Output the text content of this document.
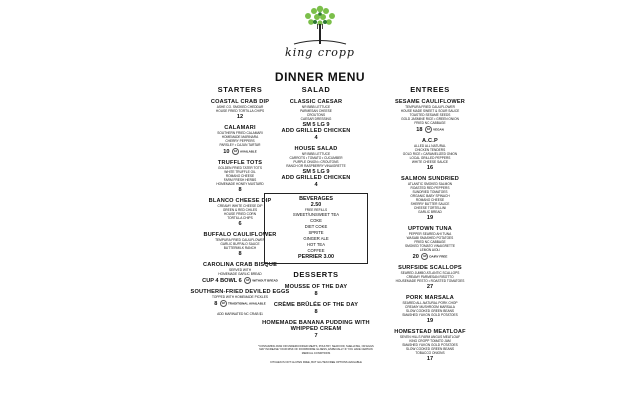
king cropp
DINNER MENU
STARTERS
COASTAL CRAB DIP
ASHE CO. SMOKED CHEDDAR
HOUSE FRIED TORTILLA CHIPS
12
CALAMARI
SOUTHERN FRIED CALAMARI
HOMEMADE MARINARA
CHERRY PEPPERS
PARSLEY • CAJUN TARTAR
10 GF AVAILABLE
TRUFFLE TOTS
GOLDEN FRIED TATER TOTS
WHITE TRUFFLE OIL
ROMANO CHEESE
FARM FRESH HERBS
HOMEMADE HONEY MUSTARD
8
BLANCO CHEESE DIP
CREAMY WHITE CHEESE DIP
GREEN & RED CHILES
HOUSE FRIED CORN
TORTILLA CHIPS
6
BUFFALO CAULIFLOWER
TEMPURA FRIED CAULIFLOWER
GARLIC BUFFALO SAUCE
BUTTERMILK RANCH
8
CAROLINA CRAB BISQUE
SERVED WITH
HOMEMADE GARLIC BREAD
CUP 4 BOWL 6 GF WITHOUT BREAD
SOUTHERN-FRIED DEVILED EGGS
TOPPED WITH HOMEMADE PICKLES
8 GF TRADITIONAL AVAILABLE
ADD MARINATED NC CRAB $1
SALAD
CLASSIC CAESAR
NR BIBB LETTUCE
PARMESAN CHEESE
CROUTONS
CAESAR DRESSING
SM 5 LG 9
ADD GRILLED CHICKEN
4
HOUSE SALAD
NR BIBB LETTUCE
CARROTS • TOMATO • CUCUMBER
PURPLE ONION • CROUTONS
RANCH OR RASPBERRY VINAIGRETTE
SM 5 LG 9
ADD GRILLED CHICKEN
4
BEVERAGES
2.50
FREE REFILLS
SWEET/UNSWEET TEA
COKE
DIET COKE
SPRITE
GINGER ALE
HOT TEA
COFFEE
PERRIER 3.00
DESSERTS
MOUSSE OF THE DAY
8
CRÈME BRÛLÉE OF THE DAY
8
HOMEMADE BANANA PUDDING WITH WHIPPED CREAM
7
*CONSUMING RAW OR UNDERCOOKED MEATS, POULTRY, SEAFOOD, SHELLFISH, OR EGGS MAY INCREASE YOUR RISK OF FOODBORNE ILLNESS, ESPECIALLY IF YOU HAVE CERTAIN MEDICAL CONDITIONS
KITCHEN IS NOT GLUTEN FREE, BUT GLUTEN FREE OPTIONS AVAILABLE
ENTREES
SESAME CAULIFLOWER
TEMPURA FRIED CAULIFLOWER
HOUSE MADE SWEET & SOUR SAUCE
TOASTED SESAME SEEDS
GOLD JASMINE RICE • GREEN ONION
FRIED NC CABBAGE
18 GF VEGAN
A.C.P
ALLED ALL NATURAL
CHICKEN TENDERS
GOLD RICE • CARAMELIZED ONION
LOCAL GRILLED PEPPERS
WHITE CHEESE SAUCE
16
SALMON SUNDRIED
ATLANTIC SMOKED SALMON
ROASTED RED PEPPERS
SUNDRIED TOMATOES
ORGANIC BABY SPINACH
ROMANO CHEESE
SHERRY BUTTER SAUCE
CHEESE TORTELLINI
GARLIC BREAD
19
UPTOWN TUNA
PEPPER SEARED AHI TUNA
WASABI SMASHED POTATOES
FRIED NC CABBAGE
SMOKED TOMATO VINAIGRETTE
LEMON AIOLI
20 GF DAIRY FREE
SURFSIDE SCALLOPS
SEARED JUMBO ATLANTIC SCALLOPS
CREAMY PARMESAN RISOTTO
HOUSEMADE PESTO • ROASTED TOMATOES
27
PORK MARSALA
SEARED ALL-NATURAL PORK CHOP
CREAMY MUSHROOM MARSALA
SLOW COOKED GREEN BEANS
SMASHED YUKON GOLD POTATOES
19
HOMESTEAD MEATLOAF
SEVEN HILLS FARM ANGUS MEATLOAF
KING CROPP TOMATO JAM
SMASHED YUKON GOLD POTATOES
SLOW COOKED GREEN BEANS
TOBACCO ONIONS
17
